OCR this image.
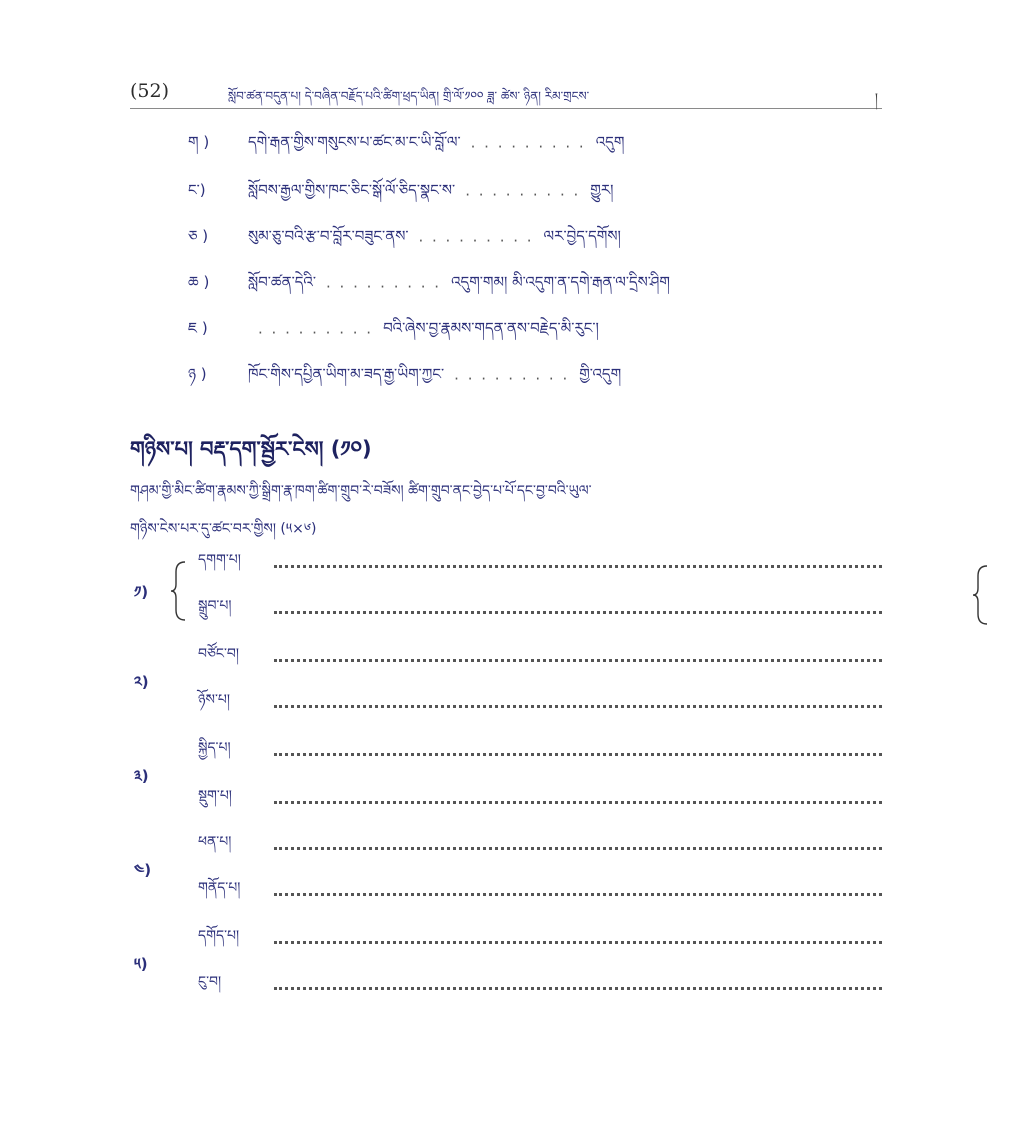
(52)	སློབ་ཚན་བདུན་པ། དེ་བཞིན་བརྗོད་པའི་ཚིག་ཕྲད་ཡིན། གྲི་ལོ་༡༠༠ ཟླ་ ཚེས་ ཉིན། རིམ་གྲངས་	།
ག )	དགེ་རྒན་གྱིས་གསུངས་པ་ཚང་མ་ང་ཡི་བློ་ལ་ · · · · · · · · · འདུག
ང་)	སློབས་རྒྱལ་གྱིས་ཁང་ཅིང་སྒོ་ལོ་ཅིད་སྣང་ས་ · · · · · · · · · གྱུར།
ཅ )	སུམ་ཅུ་བའི་རྩ་བ་བློར་བཟུང་ནས་ · · · · · · · · · ལར་བྱེད་དགོས།
ཆ )	སློབ་ཚན་དེའི་ · · · · · · · · · འདུག་གམ། མི་འདུག་ན་དགེ་རྒན་ལ་དྲིས་ཤིག
ཇ )	· · · · · · · · · བའི་ཞེས་བྱ་རྣམས་གདན་ནས་བརྗེད་མི་རུང་།
ཉ )	ཁོང་གིས་དཔྱིན་ཡིག་མ་ཟད་རྒྱ་ཡིག་ཀྱང་ · · · · · · · · · གྱི་འདུག
གཉིས་པ། བརྡ་དག་སྦྱོར་ངེས། (༡༠)
གཤམ་གྱི་མིང་ཚིག་རྣམས་ཀྱི་སྒྲིག་རྣ་ཁག་ཚིག་གྲུབ་རེ་བཟོས། ཚིག་གྲུབ་ནང་བྱེད་པ་པོ་དང་བྱ་བའི་ཡུལ་
གཉིས་ངེས་པར་དུ་ཚང་བར་གྱིས། (༥×༦)
༡)
དགག་པ།
སྒྲུབ་པ།
༢)
བཙོང་བ།
ཉོས་པ།
༣)
སྐྱིད་པ།
སྡུག་པ།
༤)
ཕན་པ།
གནོད་པ།
༥)
དགོད་པ།
ངུ་བ།
